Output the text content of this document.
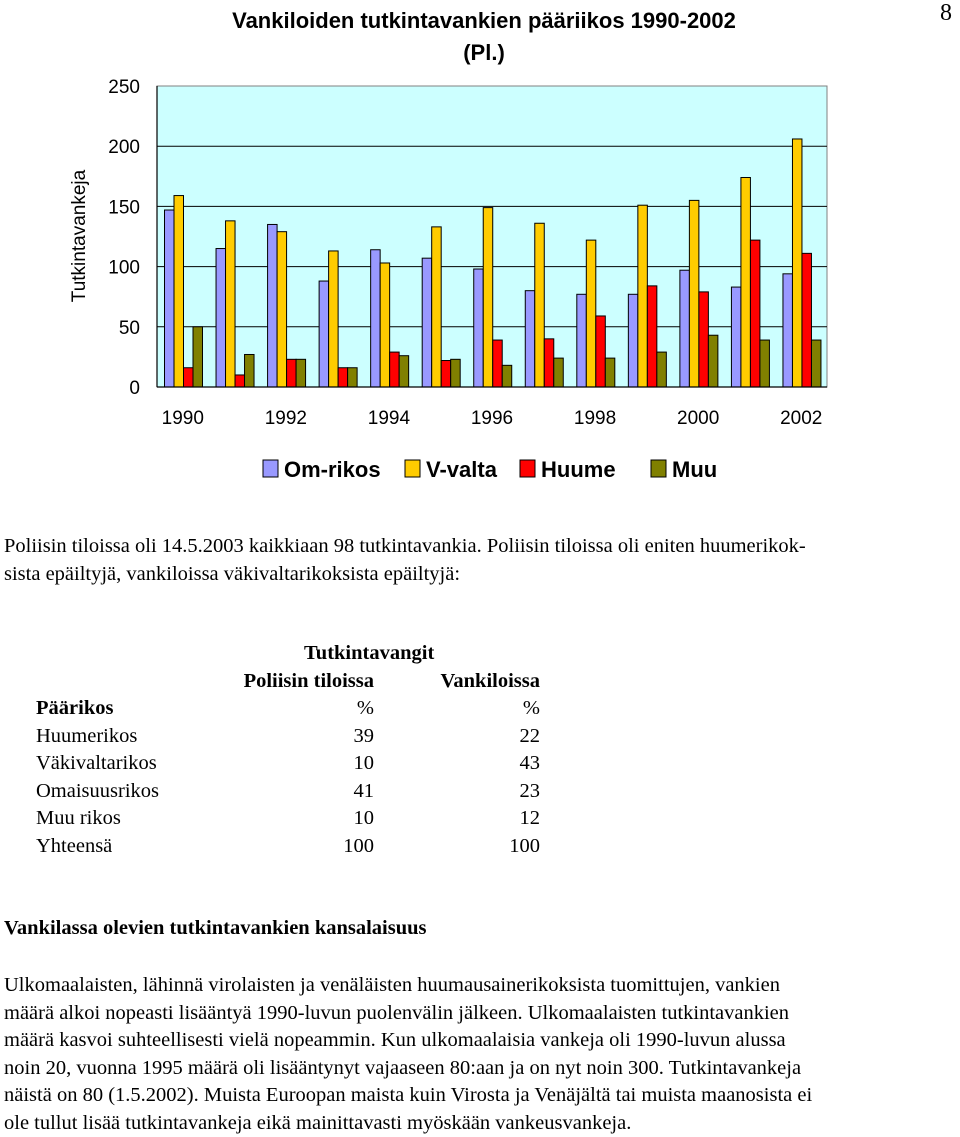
8
0
50
100
150
200
250
1990	1992	1994	1996	1998	2000	2002
Vankiloiden tutkintavankien pääriikos 1990-2002
(Pl.)
Tutkintavankeja
Om-rikos V-valta Huume	Muu
Poliisin tiloissa oli 14.5.2003 kaikkiaan 98 tutkintavankia. Poliisin tiloissa oli eniten huumerikok-
sista epäiltyjä, vankiloissa väkivaltarikoksista epäiltyjä:
	Tutkintavangit	
	Poliisin tiloissa	Vankiloissa
Päärikos	%	%
Huumerikos	39	22
Väkivaltarikos	10	43
Omaisuusrikos	41	23
Muu rikos	10	12
Yhteensä	100	100
Vankilassa olevien tutkintavankien kansalaisuus
Ulkomaalaisten, lähinnä virolaisten ja venäläisten huumausainerikoksista tuomittujen, vankien
määrä alkoi nopeasti lisääntyä 1990-luvun puolenvälin jälkeen. Ulkomaalaisten tutkintavankien
määrä kasvoi suhteellisesti vielä nopeammin. Kun ulkomaalaisia vankeja oli 1990-luvun alussa
noin 20, vuonna 1995 määrä oli lisääntynyt vajaaseen 80:aan ja on nyt noin 300. Tutkintavankeja
näistä on 80 (1.5.2002). Muista Euroopan maista kuin Virosta ja Venäjältä tai muista maanosista ei
ole tullut lisää tutkintavankeja eikä mainittavasti myöskään vankeusvankeja.
